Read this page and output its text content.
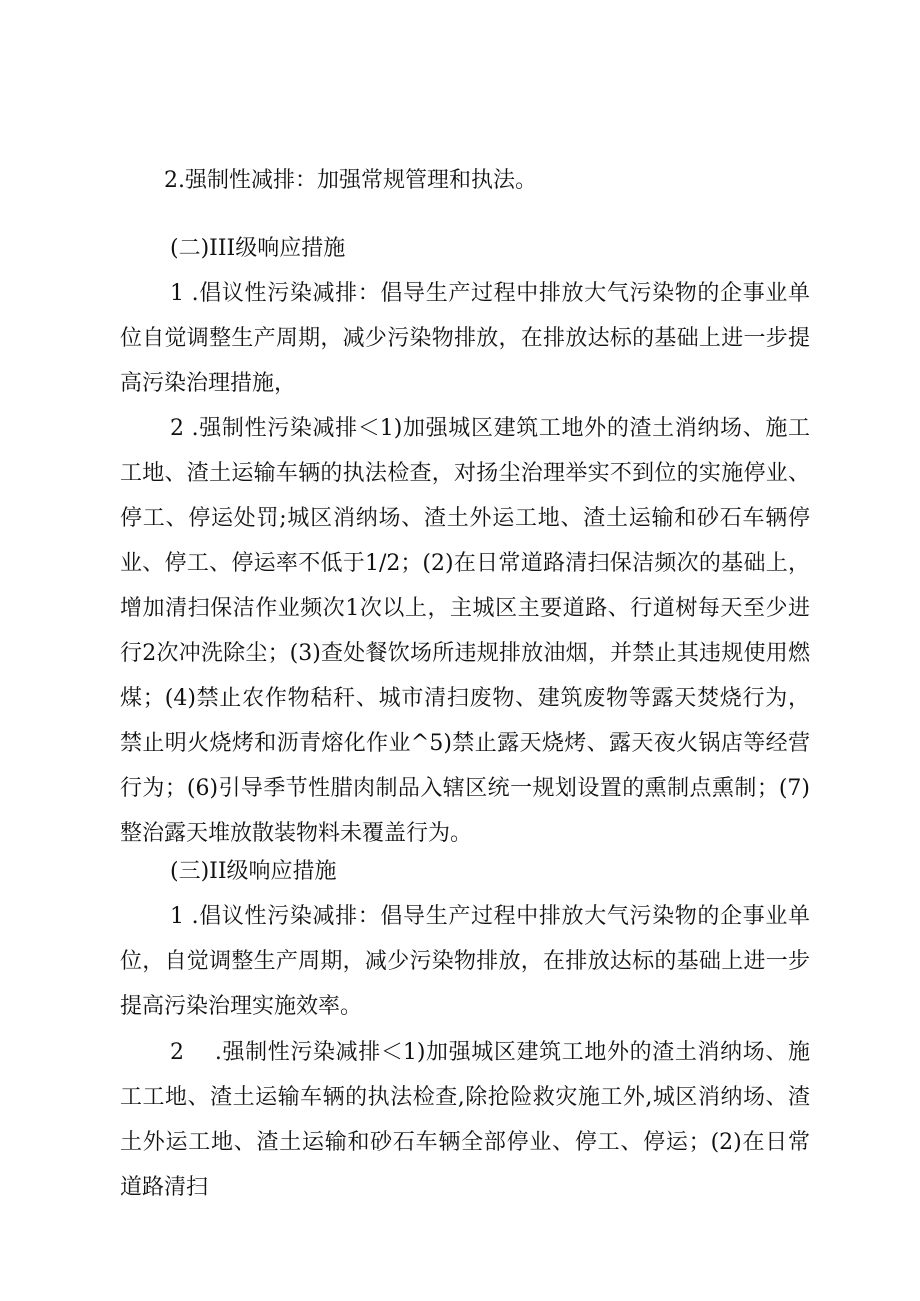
2.强制性减排：加强常规管理和执法。

(二)III级响应措施

1 .倡议性污染减排：倡导生产过程中排放大气污染物的企事业单位自觉调整生产周期，减少污染物排放，在排放达标的基础上进一步提高污染治理措施，

2 .强制性污染减排＜1)加强城区建筑工地外的渣土消纳场、施工工地、渣土运输车辆的执法检查，对扬尘治理举实不到位的实施停业、停工、停运处罚;城区消纳场、渣土外运工地、渣土运输和砂石车辆停业、停工、停运率不低于1/2；(2)在日常道路清扫保洁频次的基础上，增加清扫保洁作业频次1次以上，主城区主要道路、行道树每天至少进行2次冲洗除尘；(3)查处餐饮场所违规排放油烟，并禁止其违规使用燃煤；(4)禁止农作物秸秆、城市清扫废物、建筑废物等露天焚烧行为，禁止明火烧烤和沥青熔化作业^5)禁止露天烧烤、露天夜火锅店等经营行为；(6)引导季节性腊肉制品入辖区统一规划设置的熏制点熏制；(7)整治露天堆放散装物料未覆盖行为。

(三)II级响应措施

1 .倡议性污染减排：倡导生产过程中排放大气污染物的企事业单位，自觉调整生产周期，减少污染物排放，在排放达标的基础上进一步提高污染治理实施效率。

2　 .强制性污染减排＜1)加强城区建筑工地外的渣土消纳场、施工工地、渣土运输车辆的执法检查,除抢险救灾施工外,城区消纳场、渣土外运工地、渣土运输和砂石车辆全部停业、停工、停运；(2)在日常道路清扫
